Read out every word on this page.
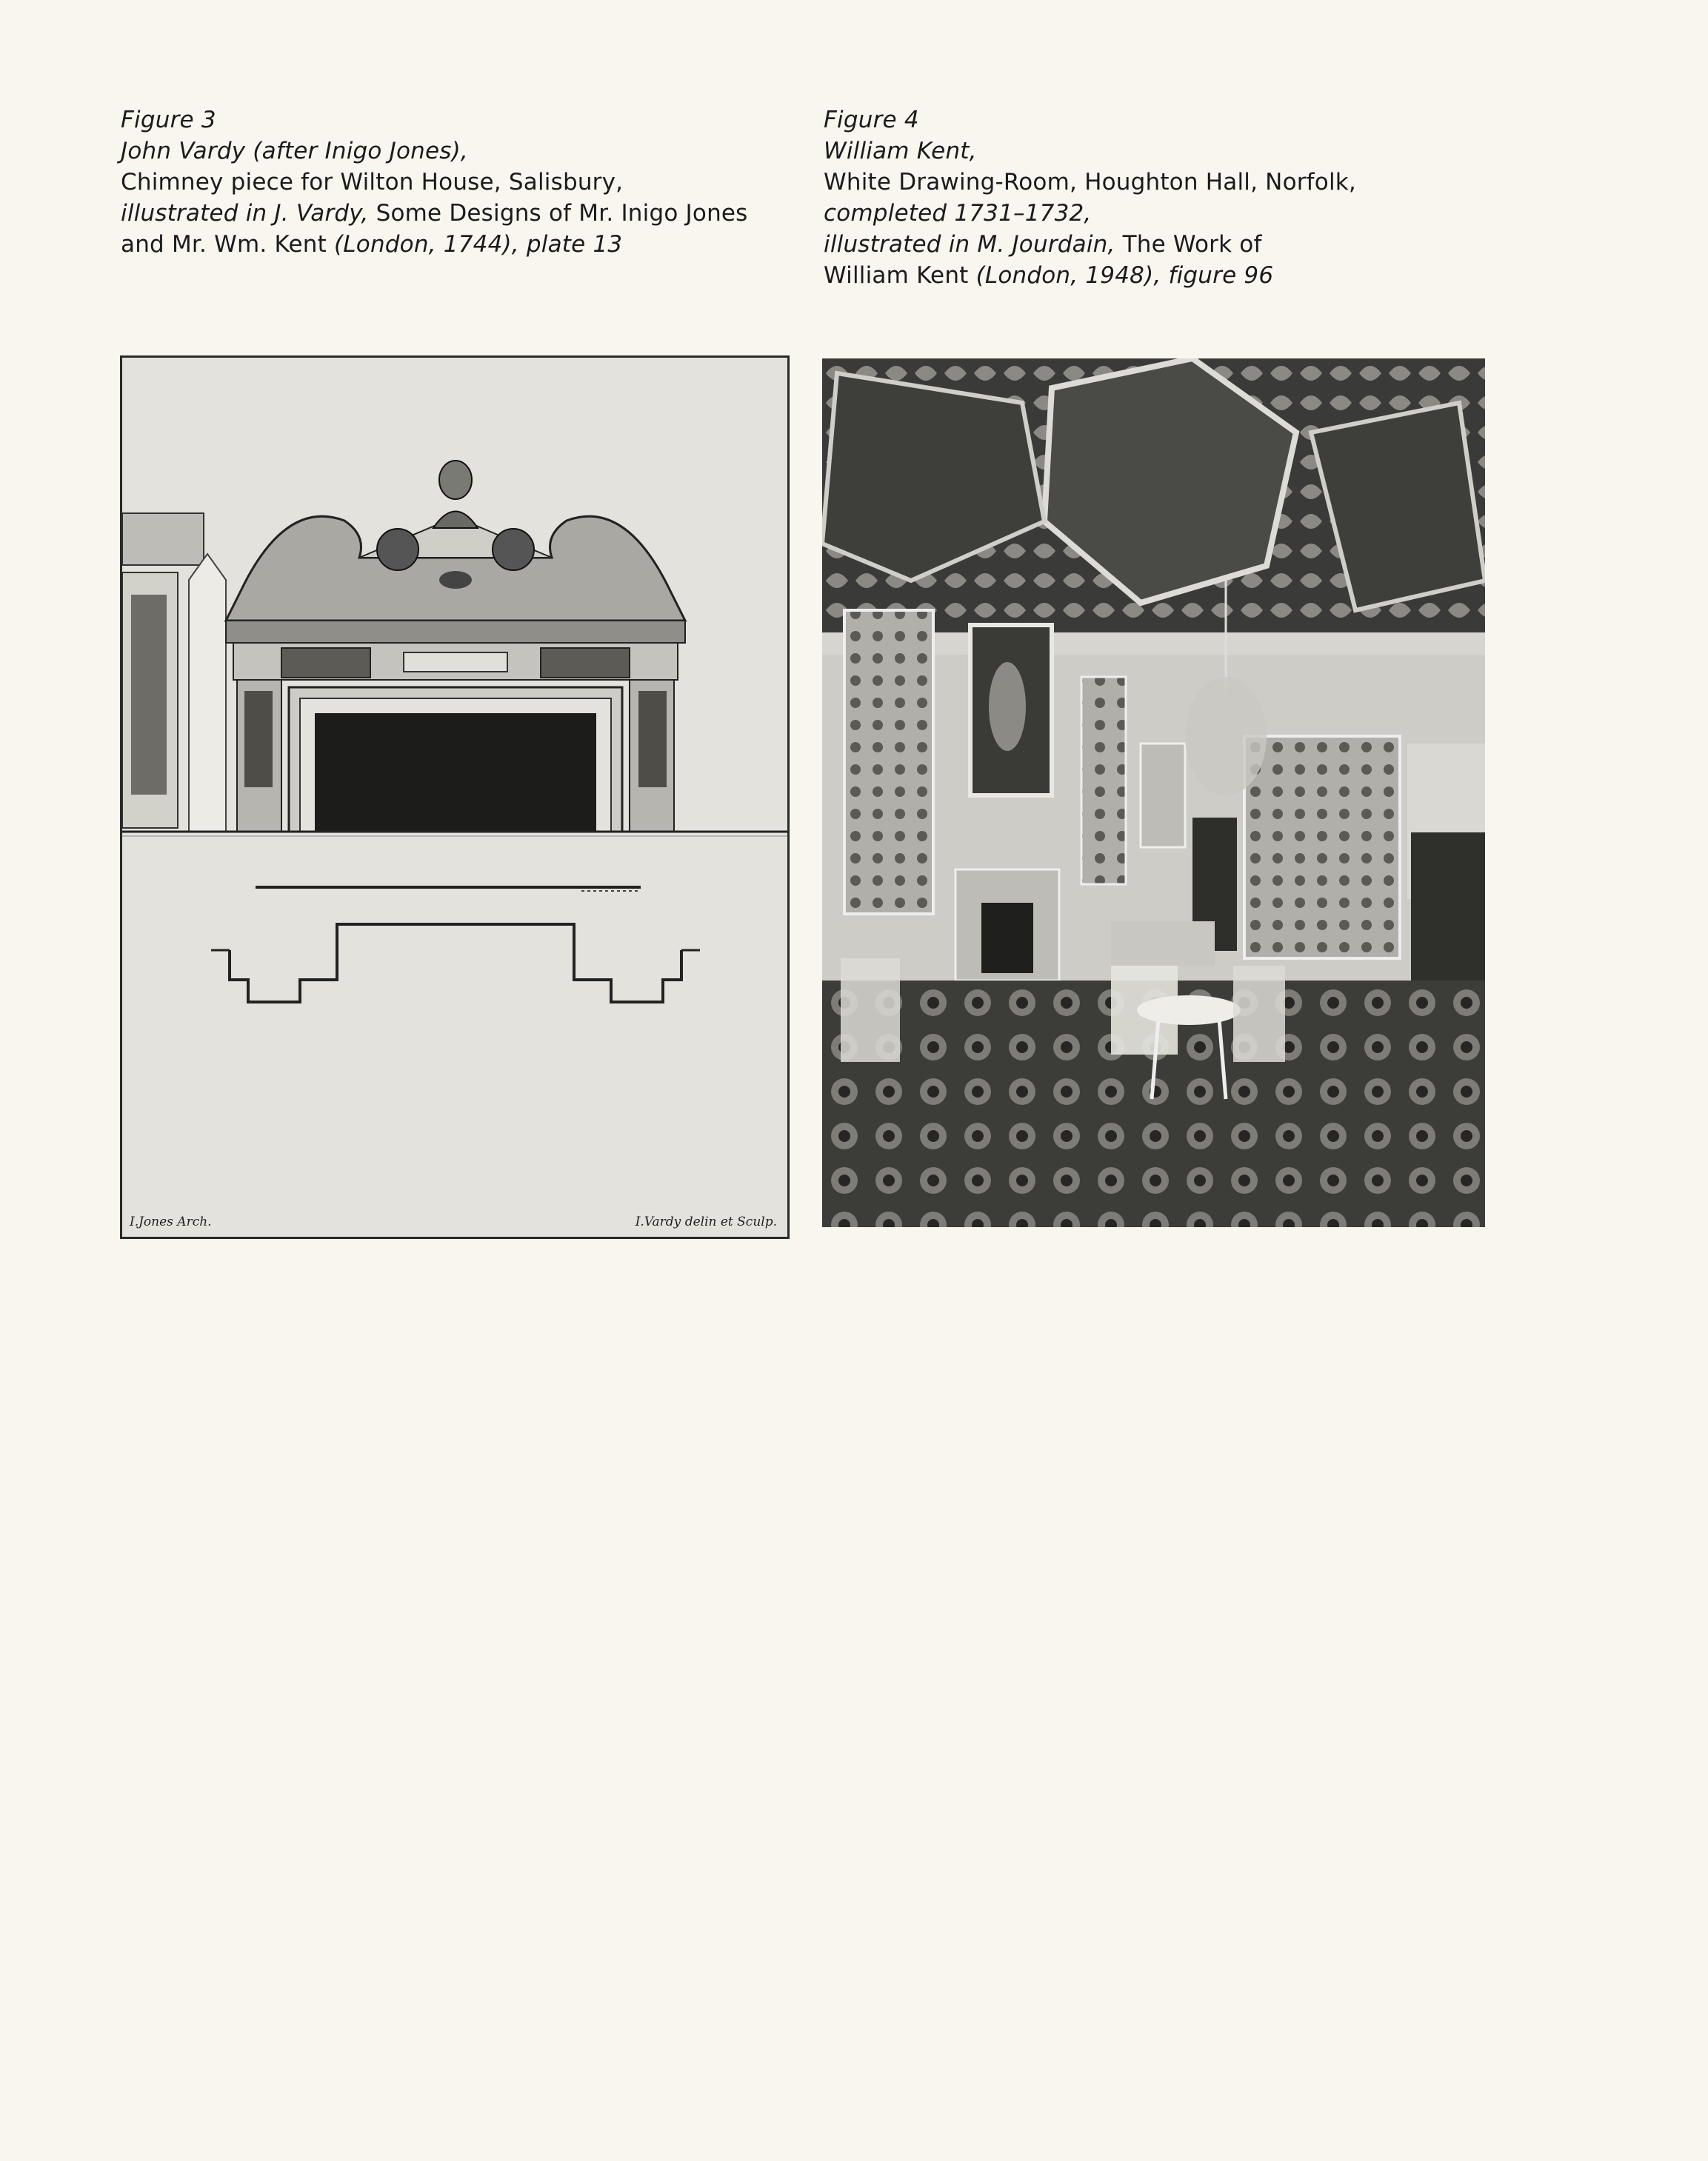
Figure 3
John Vardy (after Inigo Jones),
Chimney piece for Wilton House, Salisbury,
illustrated in J. Vardy, Some Designs of Mr. Inigo Jones
and Mr. Wm. Kent (London, 1744), plate 13
Figure 4
William Kent,
White Drawing-Room, Houghton Hall, Norfolk,
completed 1731–1732,
illustrated in M. Jourdain, The Work of
William Kent (London, 1948), figure 96
I.Jones Arch.	I.Vardy delin et Sculp.
